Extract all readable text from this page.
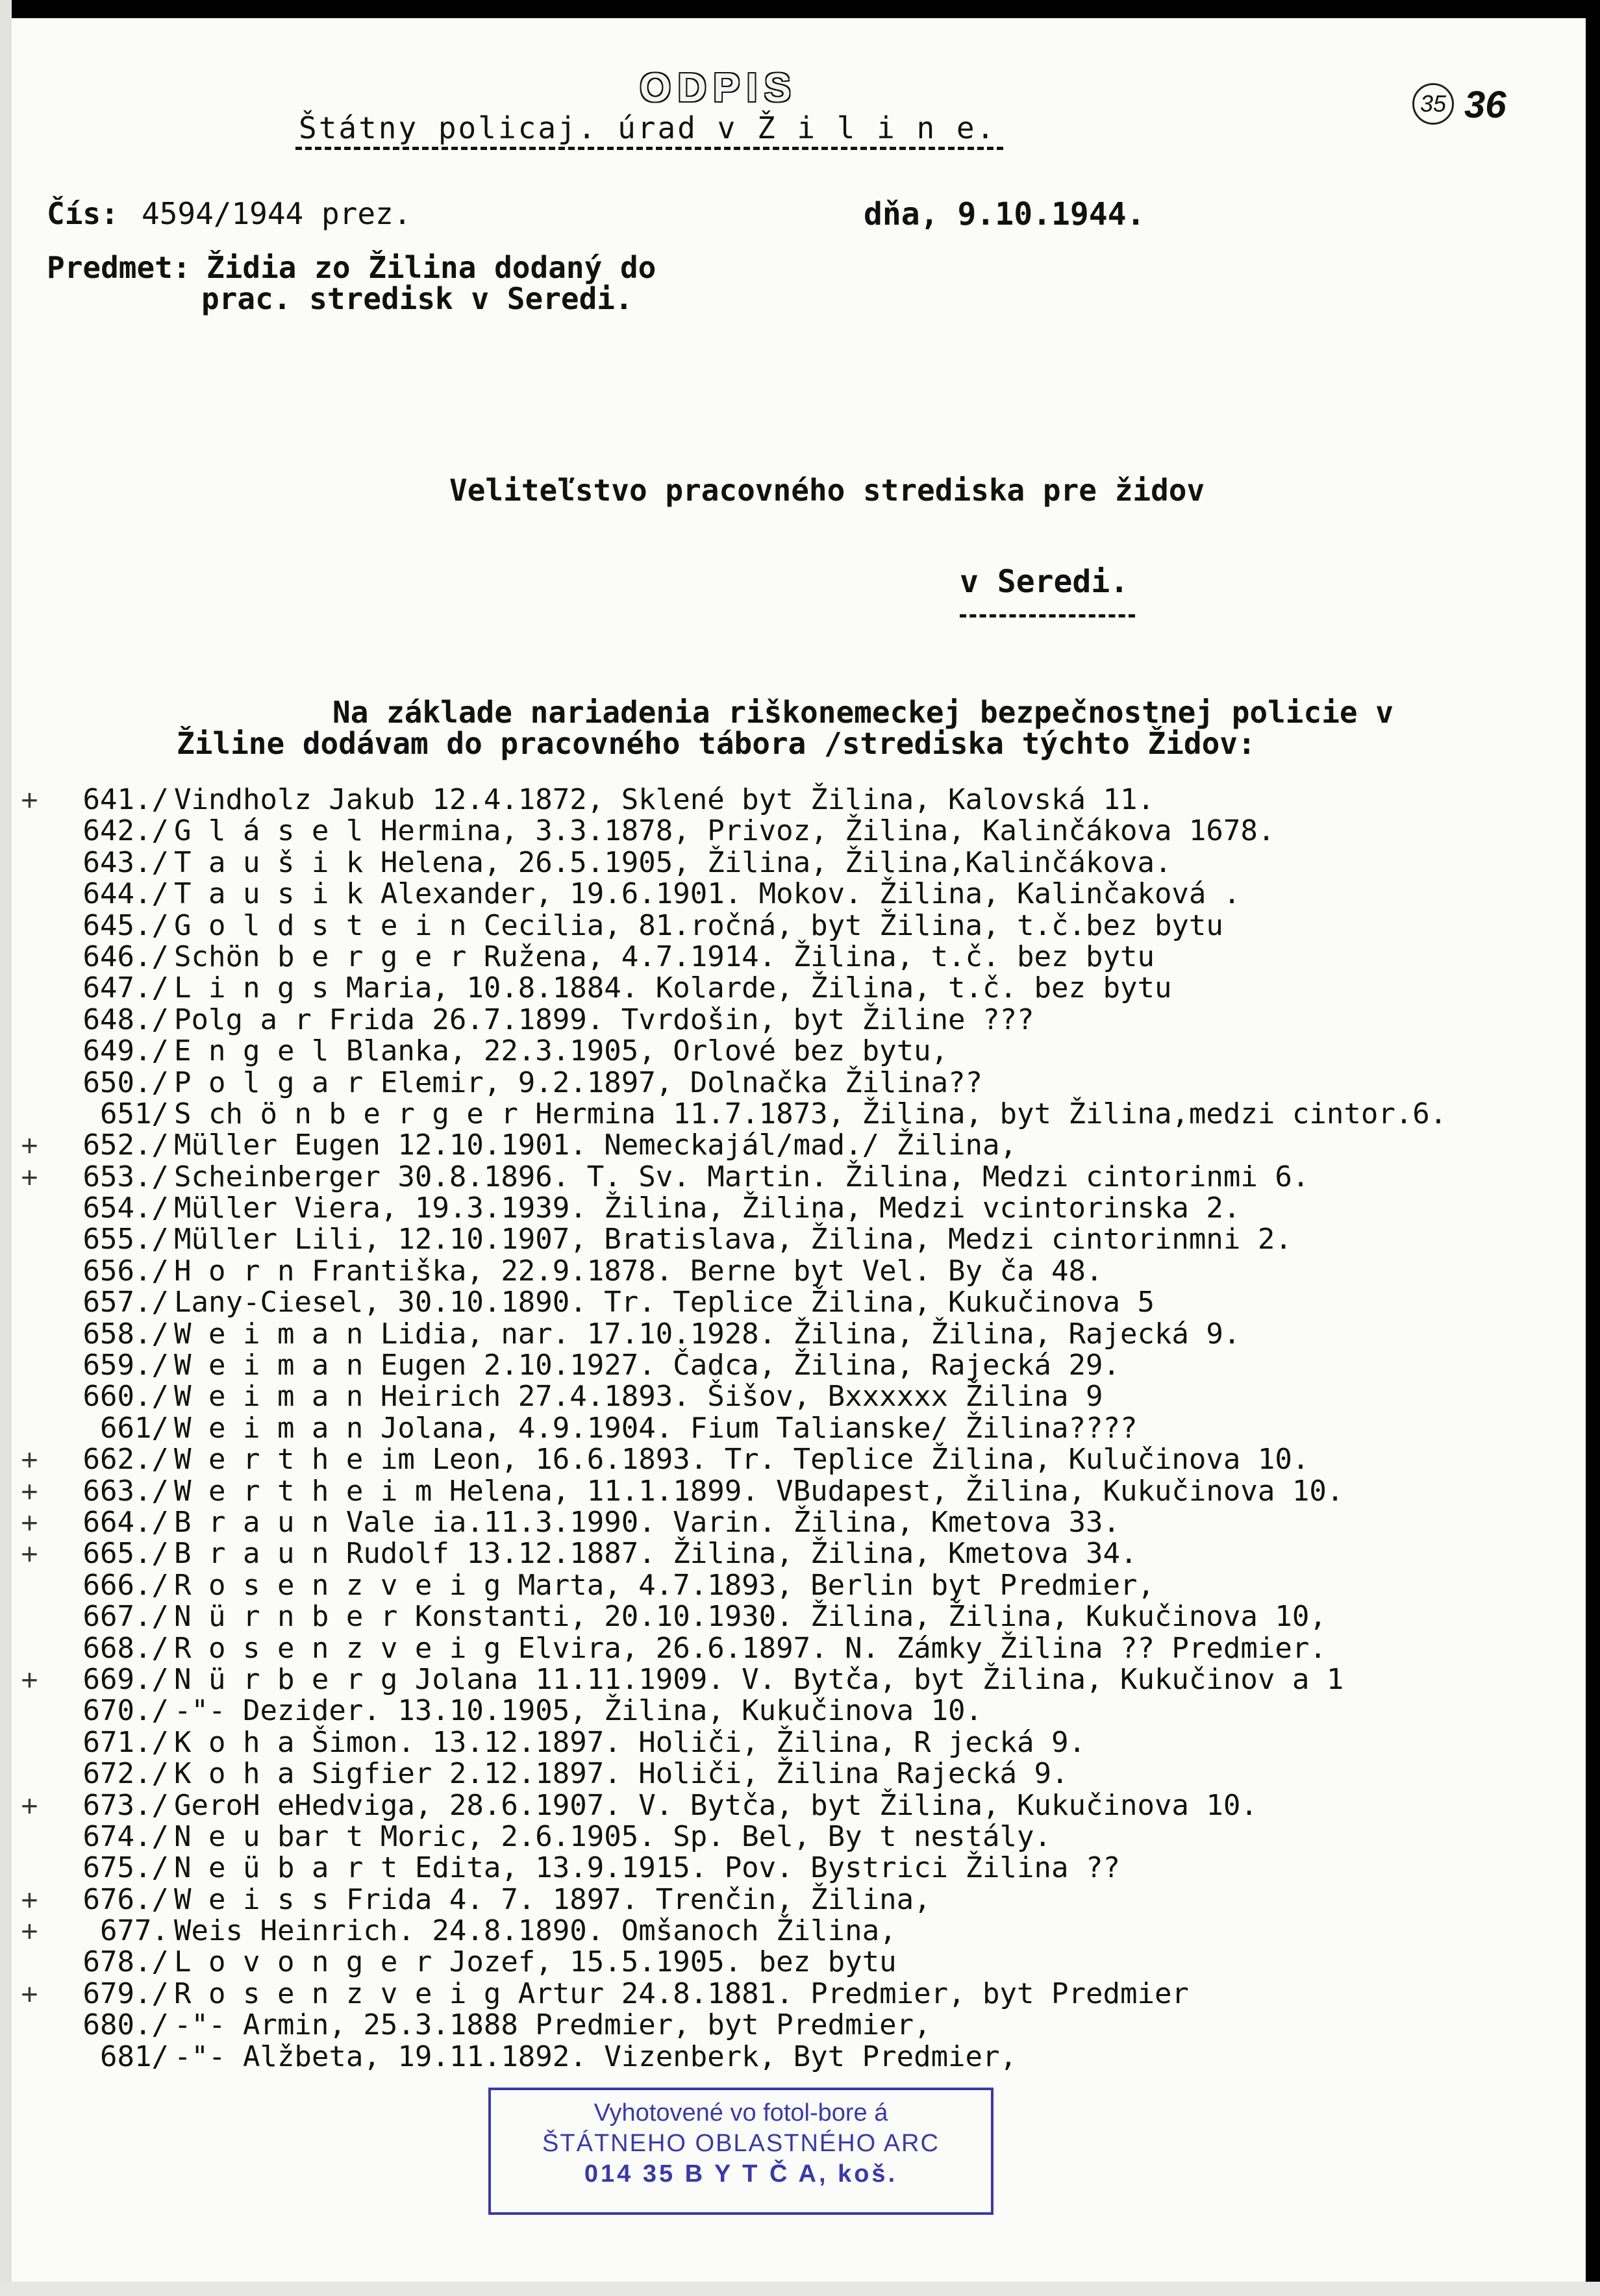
ODPIS
Štátny policaj. úrad v Ž i l i n e.
35 36
Čís: 4594/1944 prez.	dňa, 9.10.1944.
Predmet: Židia zo Žilina dodaný do
prac. stredisk v Seredi.
Veliteľstvo pracovného strediska pre židov
v Seredi.
Na základe nariadenia riškonemeckej bezpečnostnej policie v
Žiline dodávam do pracovného tábora /strediska týchto Židov:
+	641./ Vindholz Jakub 12.4.1872, Sklené byt Žilina, Kalovská 11.
642./ G l á s e l Hermina, 3.3.1878, Privoz, Žilina, Kalinčákova 1678.
643./ T a u š i k Helena, 26.5.1905, Žilina, Žilina,Kalinčákova.
644./ T a u s i k Alexander, 19.6.1901. Mokov. Žilina, Kalinčaková .
645./ G o l d s t e i n Cecilia, 81.ročná, byt Žilina, t.č.bez bytu
646./ Schön b e r g e r Ružena, 4.7.1914. Žilina, t.č. bez bytu
647./ L i n g s Maria, 10.8.1884. Kolarde, Žilina, t.č. bez bytu
648./ Polg a r Frida 26.7.1899. Tvrdošin, byt Žiline ???
649./ E n g e l Blanka, 22.3.1905, Orlové bez bytu,
650./ P o l g a r Elemir, 9.2.1897, Dolnačka Žilina??
651/ S ch ö n b e r g e r Hermina 11.7.1873, Žilina, byt Žilina,medzi cintor.6.
+	652./ Müller Eugen 12.10.1901. Nemeckajál/mad./ Žilina,
+	653./ Scheinberger 30.8.1896. T. Sv. Martin. Žilina, Medzi cintorinmi 6.
654./ Müller Viera, 19.3.1939. Žilina, Žilina, Medzi vcintorinska 2.
655./ Müller Lili, 12.10.1907, Bratislava, Žilina, Medzi cintorinmni 2.
656./ H o r n Františka, 22.9.1878. Berne byt Vel. By ča 48.
657./ Lany-Ciesel, 30.10.1890. Tr. Teplice Žilina, Kukučinova 5
658./ W e i m a n Lidia, nar. 17.10.1928. Žilina, Žilina, Rajecká 9.
659./ W e i m a n Eugen 2.10.1927. Čadca, Žilina, Rajecká 29.
660./ W e i m a n Heirich 27.4.1893. Šišov, Bxxxxxx Žilina 9
661/ W e i m a n Jolana, 4.9.1904. Fium Talianske/ Žilina????
+	662./ W e r t h e im Leon, 16.6.1893. Tr. Teplice Žilina, Kulučinova 10.
+	663./ W e r t h e i m Helena, 11.1.1899. VBudapest, Žilina, Kukučinova 10.
+	664./ B r a u n Vale ia.11.3.1990. Varin. Žilina, Kmetova 33.
+	665./ B r a u n Rudolf 13.12.1887. Žilina, Žilina, Kmetova 34.
666./ R o s e n z v e i g Marta, 4.7.1893, Berlin byt Predmier,
667./ N ü r n b e r Konstanti, 20.10.1930. Žilina, Žilina, Kukučinova 10,
668./ R o s e n z v e i g Elvira, 26.6.1897. N. Zámky Žilina ?? Predmier.
+	669./ N ü r b e r g Jolana 11.11.1909. V. Bytča, byt Žilina, Kukučinov a 1
670./ -"- Dezider. 13.10.1905, Žilina, Kukučinova 10.
671./ K o h a Šimon. 13.12.1897. Holiči, Žilina, R jecká 9.
672./ K o h a Sigfier 2.12.1897. Holiči, Žilina Rajecká 9.
+	673./ GeroH eHedviga, 28.6.1907. V. Bytča, byt Žilina, Kukučinova 10.
674./ N e u bar t Moric, 2.6.1905. Sp. Bel, By t nestály.
675./ N e ü b a r t Edita, 13.9.1915. Pov. Bystrici Žilina ??
+	676./ W e i s s Frida 4. 7. 1897. Trenčin, Žilina,
+	677. Weis Heinrich. 24.8.1890. Omšanoch Žilina,
678./ L o v o n g e r Jozef, 15.5.1905. bez bytu
+	679./ R o s e n z v e i g Artur 24.8.1881. Predmier, byt Predmier
680./ -"- Armin, 25.3.1888 Predmier, byt Predmier,
681/ -"- Alžbeta, 19.11.1892. Vizenberk, Byt Predmier,
Vyhotovené vo fotol-bore á
ŠTÁTNEHO OBLASTNÉHO ARC
014 35 B Y T Č A, koš.
